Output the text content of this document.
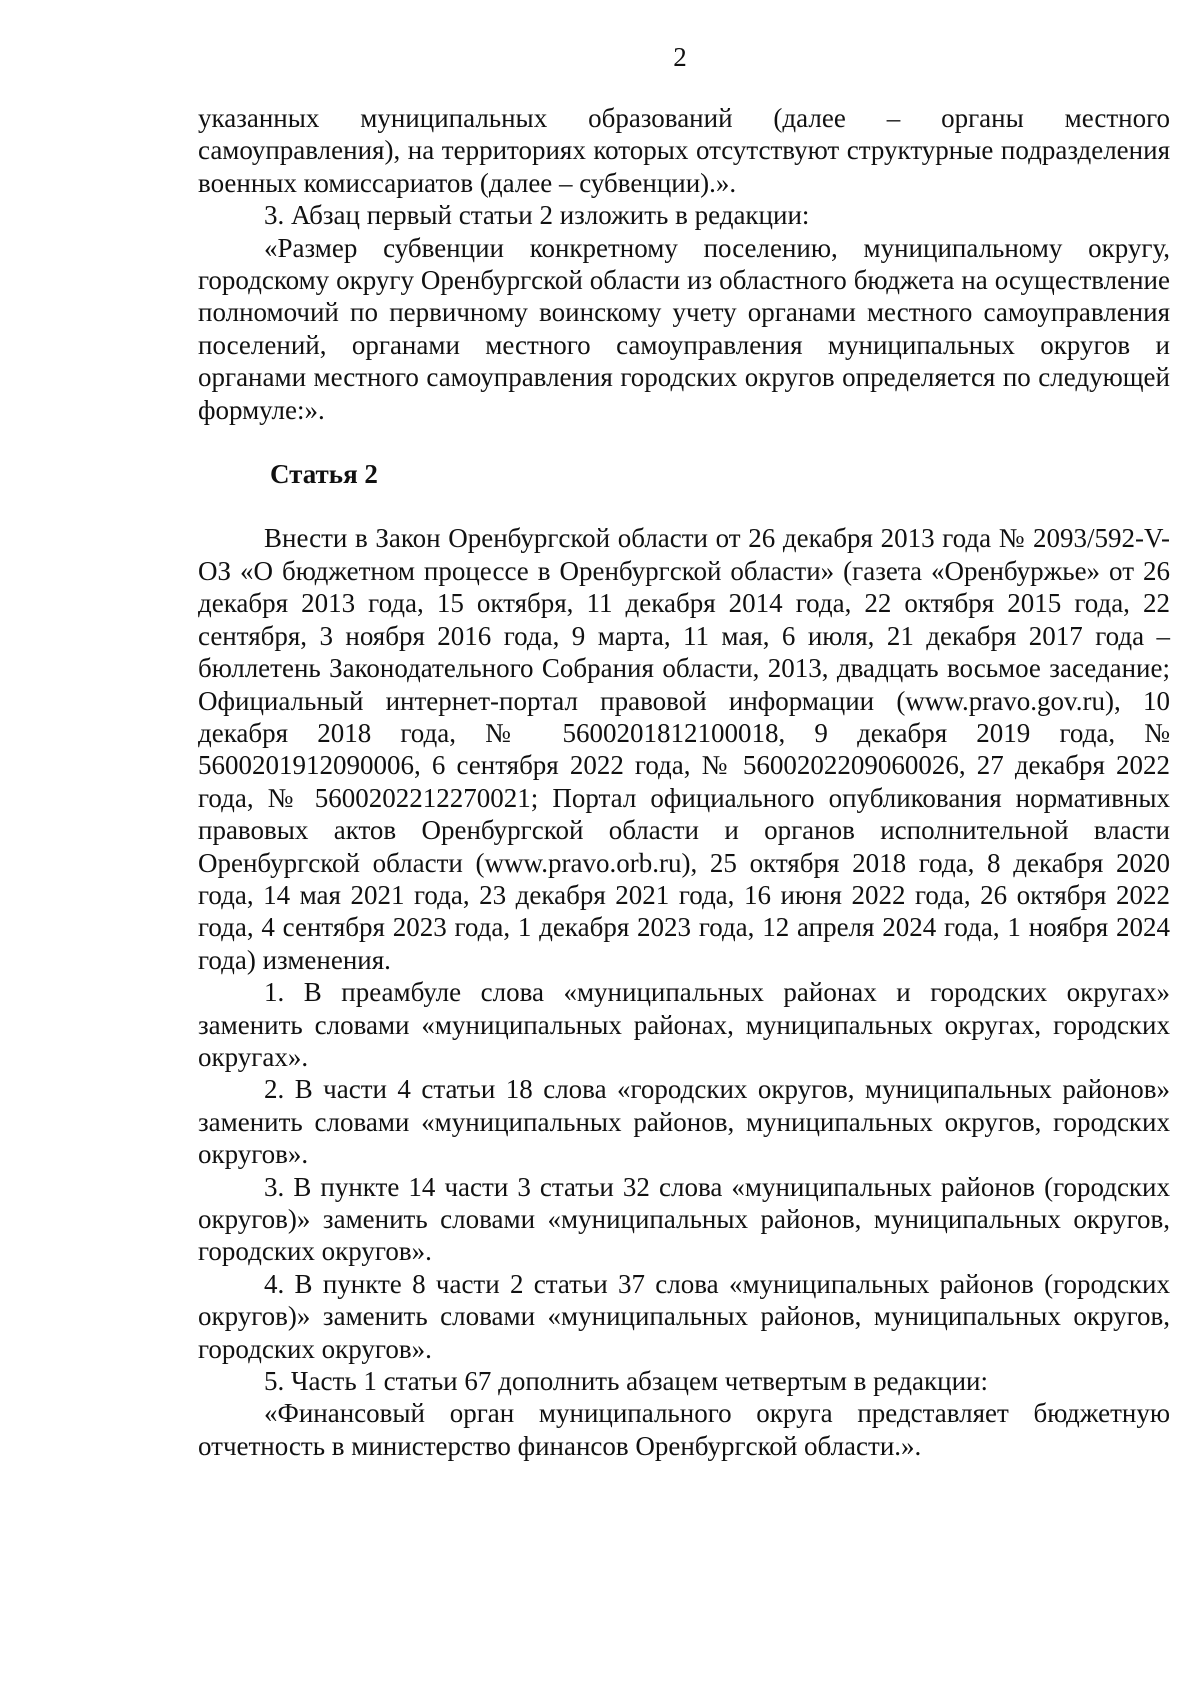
2

указанных муниципальных образований (далее – органы местного самоуправления), на территориях которых отсутствуют структурные подразделения военных комиссариатов (далее – субвенции).».

3. Абзац первый статьи 2 изложить в редакции:

«Размер субвенции конкретному поселению, муниципальному округу, городскому округу Оренбургской области из областного бюджета на осуществление полномочий по первичному воинскому учету органами местного самоуправления поселений, органами местного самоуправления муниципальных округов и органами местного самоуправления городских округов определяется по следующей формуле:».

Статья 2

Внести в Закон Оренбургской области от 26 декабря 2013 года № 2093/592-V-ОЗ «О бюджетном процессе в Оренбургской области» (газета «Оренбуржье» от 26 декабря 2013 года, 15 октября, 11 декабря 2014 года, 22 октября 2015 года, 22 сентября, 3 ноября 2016 года, 9 марта, 11 мая, 6 июля, 21 декабря 2017 года – бюллетень Законодательного Собрания области, 2013, двадцать восьмое заседание; Официальный интернет-портал правовой информации (www.pravo.gov.ru), 10 декабря 2018 года, № 5600201812100018, 9 декабря 2019 года, № 5600201912090006, 6 сентября 2022 года, № 5600202209060026, 27 декабря 2022 года, № 5600202212270021; Портал официального опубликования нормативных правовых актов Оренбургской области и органов исполнительной власти Оренбургской области (www.pravo.orb.ru), 25 октября 2018 года, 8 декабря 2020 года, 14 мая 2021 года, 23 декабря 2021 года, 16 июня 2022 года, 26 октября 2022 года, 4 сентября 2023 года, 1 декабря 2023 года, 12 апреля 2024 года, 1 ноября 2024 года) изменения.

1. В преамбуле слова «муниципальных районах и городских округах» заменить словами «муниципальных районах, муниципальных округах, городских округах».

2. В части 4 статьи 18 слова «городских округов, муниципальных районов» заменить словами «муниципальных районов, муниципальных округов, городских округов».

3. В пункте 14 части 3 статьи 32 слова «муниципальных районов (городских округов)» заменить словами «муниципальных районов, муниципальных округов, городских округов».

4. В пункте 8 части 2 статьи 37 слова «муниципальных районов (городских округов)» заменить словами «муниципальных районов, муниципальных округов, городских округов».

5. Часть 1 статьи 67 дополнить абзацем четвертым в редакции:

«Финансовый орган муниципального округа представляет бюджетную отчетность в министерство финансов Оренбургской области.».
